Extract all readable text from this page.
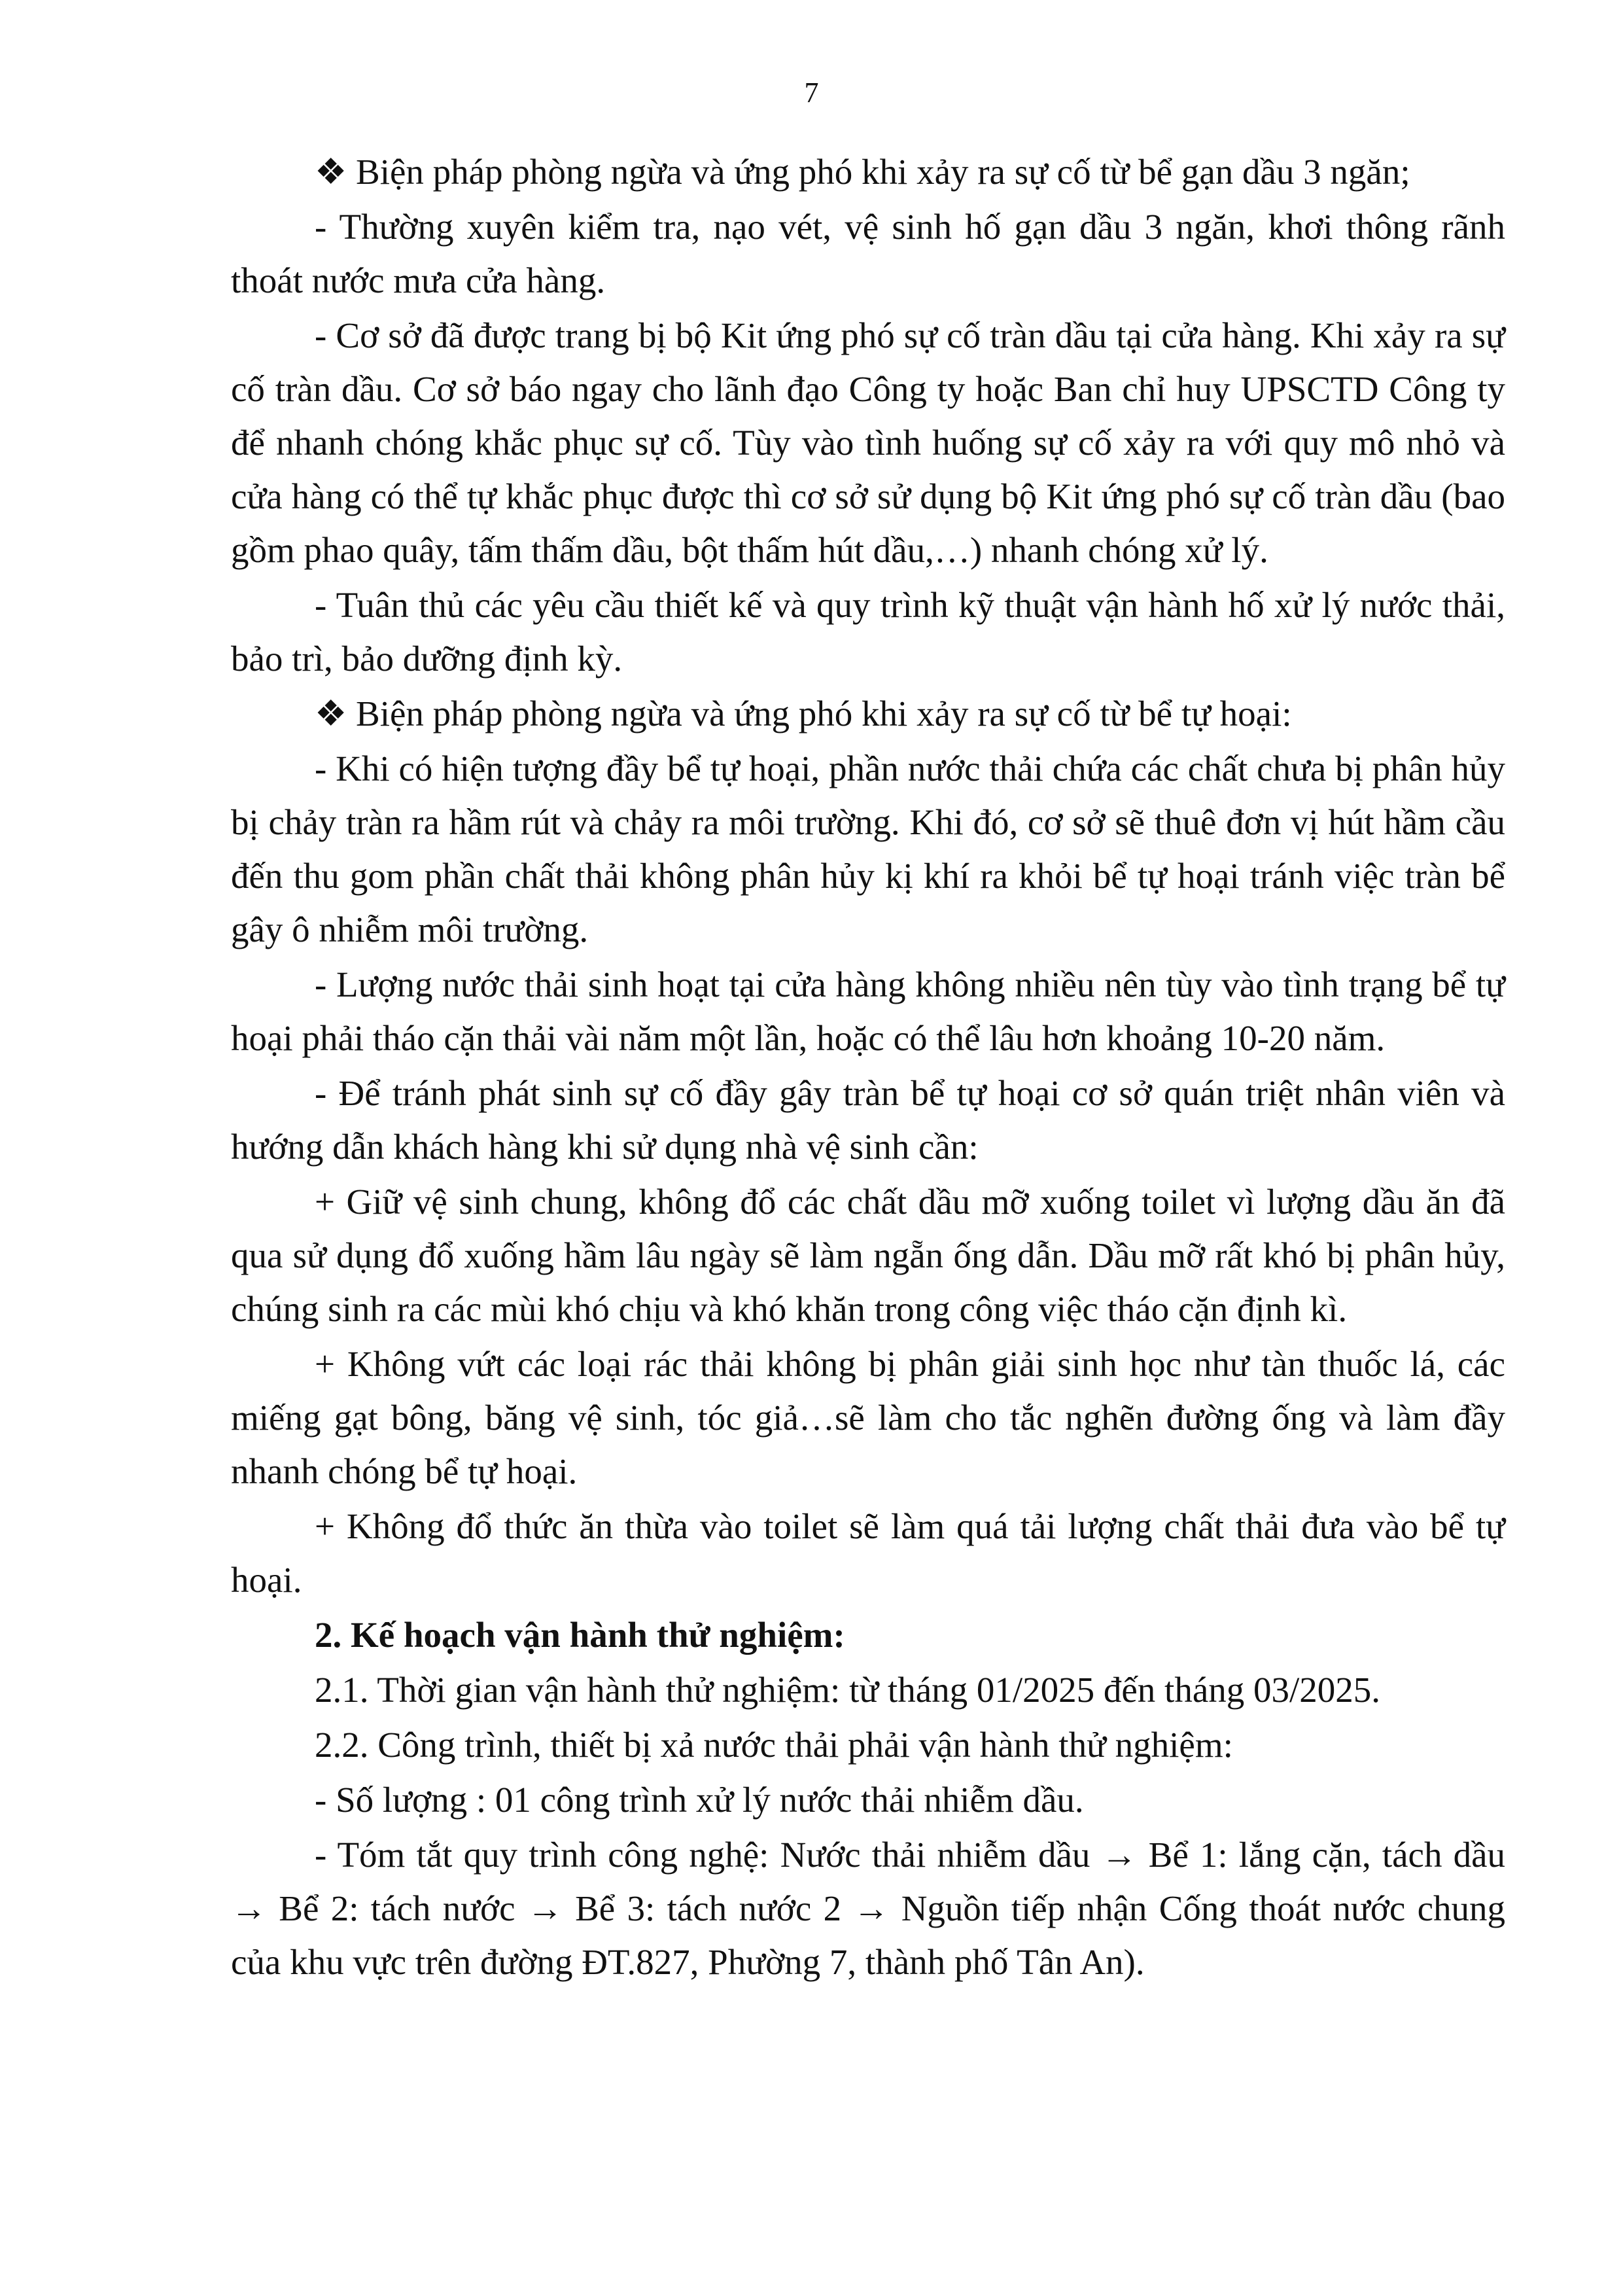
7

❖ Biện pháp phòng ngừa và ứng phó khi xảy ra sự cố từ bể gạn dầu 3 ngăn;

- Thường xuyên kiểm tra, nạo vét, vệ sinh hố gạn dầu 3 ngăn, khơi thông rãnh thoát nước mưa cửa hàng.

- Cơ sở đã được trang bị bộ Kit ứng phó sự cố tràn dầu tại cửa hàng. Khi xảy ra sự cố tràn dầu. Cơ sở báo ngay cho lãnh đạo Công ty hoặc Ban chỉ huy UPSCTD Công ty để nhanh chóng khắc phục sự cố. Tùy vào tình huống sự cố xảy ra với quy mô nhỏ và cửa hàng có thể tự khắc phục được thì cơ sở sử dụng bộ Kit ứng phó sự cố tràn dầu (bao gồm phao quây, tấm thấm dầu, bột thấm hút dầu,…) nhanh chóng xử lý.

- Tuân thủ các yêu cầu thiết kế và quy trình kỹ thuật vận hành hố xử lý nước thải, bảo trì, bảo dưỡng định kỳ.

❖ Biện pháp phòng ngừa và ứng phó khi xảy ra sự cố từ bể tự hoại:

- Khi có hiện tượng đầy bể tự hoại, phần nước thải chứa các chất chưa bị phân hủy bị chảy tràn ra hầm rút và chảy ra môi trường. Khi đó, cơ sở sẽ thuê đơn vị hút hầm cầu đến thu gom phần chất thải không phân hủy kị khí ra khỏi bể tự hoại tránh việc tràn bể gây ô nhiễm môi trường.

- Lượng nước thải sinh hoạt tại cửa hàng không nhiều nên tùy vào tình trạng bể tự hoại phải tháo cặn thải vài năm một lần, hoặc có thể lâu hơn khoảng 10-20 năm.

- Để tránh phát sinh sự cố đầy gây tràn bể tự hoại cơ sở quán triệt nhân viên và hướng dẫn khách hàng khi sử dụng nhà vệ sinh cần:

+ Giữ vệ sinh chung, không đổ các chất dầu mỡ xuống toilet vì lượng dầu ăn đã qua sử dụng đổ xuống hầm lâu ngày sẽ làm ngẵn ống dẫn. Dầu mỡ rất khó bị phân hủy, chúng sinh ra các mùi khó chịu và khó khăn trong công việc tháo cặn định kì.

+ Không vứt các loại rác thải không bị phân giải sinh học như tàn thuốc lá, các miếng gạt bông, băng vệ sinh, tóc giả…sẽ làm cho tắc nghẽn đường ống và làm đầy nhanh chóng bể tự hoại.

+ Không đổ thức ăn thừa vào toilet sẽ làm quá tải lượng chất thải đưa vào bể tự hoại.

2. Kế hoạch vận hành thử nghiệm:

2.1. Thời gian vận hành thử nghiệm: từ tháng 01/2025 đến tháng 03/2025.

2.2. Công trình, thiết bị xả nước thải phải vận hành thử nghiệm:

- Số lượng : 01 công trình xử lý nước thải nhiễm dầu.

- Tóm tắt quy trình công nghệ: Nước thải nhiễm dầu → Bể 1: lắng cặn, tách dầu → Bể 2: tách nước → Bể 3: tách nước 2 → Nguồn tiếp nhận Cống thoát nước chung của khu vực trên đường ĐT.827, Phường 7, thành phố Tân An).
